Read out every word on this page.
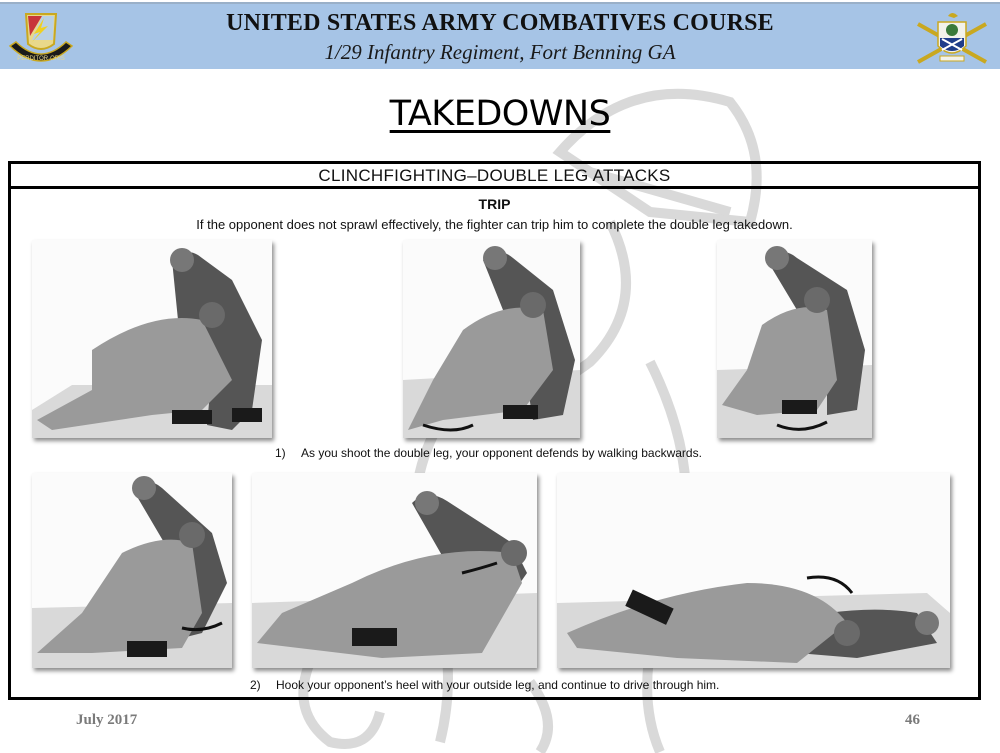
PERDITOR·ORIS
UNITED STATES ARMY COMBATIVES COURSE
1/29 Infantry Regiment, Fort Benning GA
TAKEDOWNS
CLINCHFIGHTING–DOUBLE LEG ATTACKS
TRIP
If the opponent does not sprawl effectively, the fighter can trip him to complete the double leg takedown.
1) As you shoot the double leg, your opponent defends by walking backwards.
2) Hook your opponent’s heel with your outside leg, and continue to drive through him.
July 2017	46
